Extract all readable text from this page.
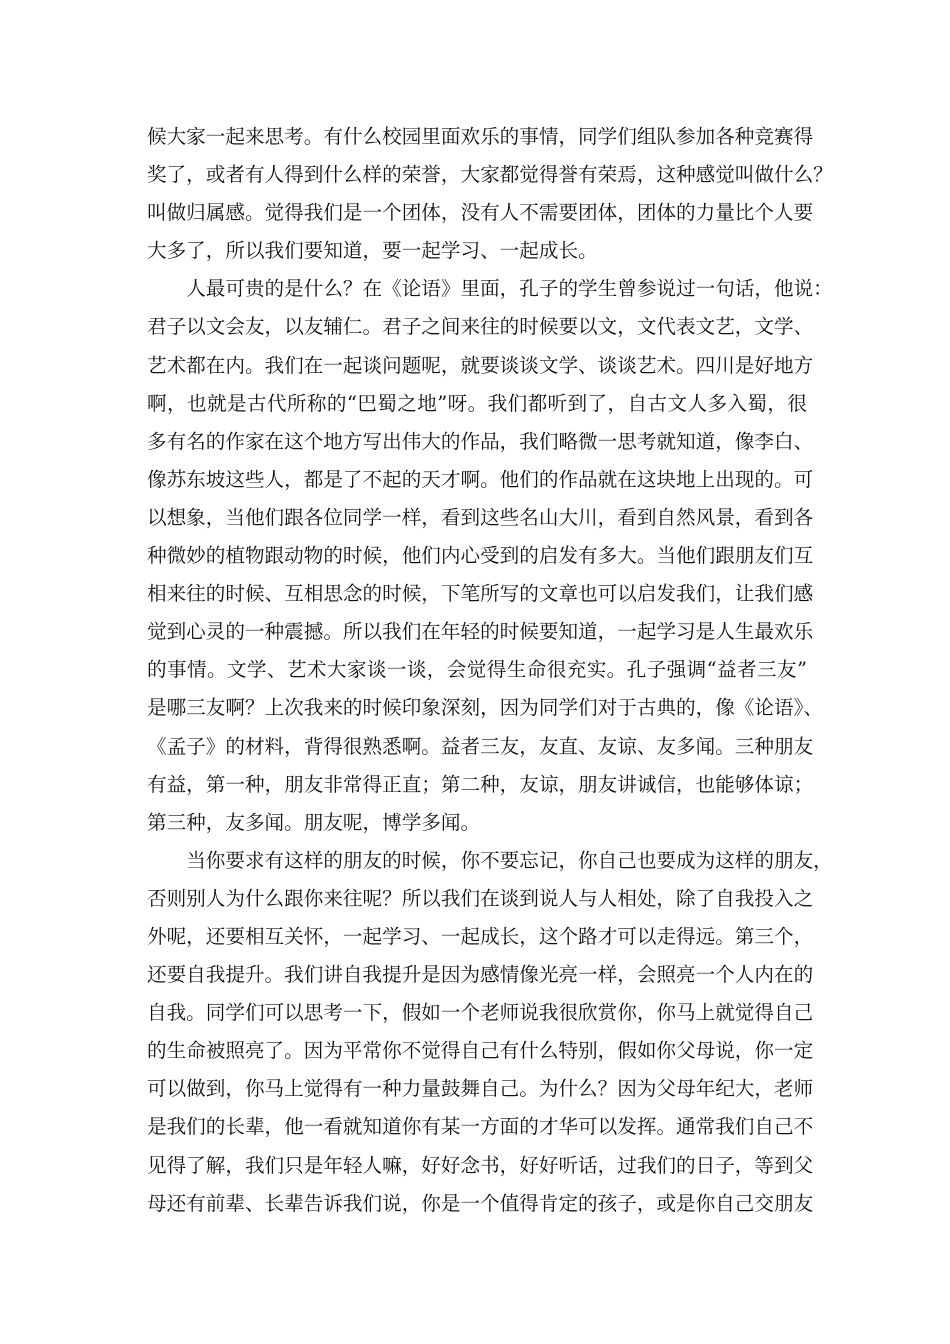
候大家一起来思考。有什么校园里面欢乐的事情，同学们组队参加各种竞赛得
奖了，或者有人得到什么样的荣誉，大家都觉得誉有荣焉，这种感觉叫做什么？
叫做归属感。觉得我们是一个团体，没有人不需要团体，团体的力量比个人要
大多了，所以我们要知道，要一起学习、一起成长。
人最可贵的是什么？在《论语》里面，孔子的学生曾参说过一句话，他说：
君子以文会友，以友辅仁。君子之间来往的时候要以文，文代表文艺，文学、
艺术都在内。我们在一起谈问题呢，就要谈谈文学、谈谈艺术。四川是好地方
啊，也就是古代所称的“巴蜀之地”呀。我们都听到了，自古文人多入蜀，很
多有名的作家在这个地方写出伟大的作品，我们略微一思考就知道，像李白、
像苏东坡这些人，都是了不起的天才啊。他们的作品就在这块地上出现的。可
以想象，当他们跟各位同学一样，看到这些名山大川，看到自然风景，看到各
种微妙的植物跟动物的时候，他们内心受到的启发有多大。当他们跟朋友们互
相来往的时候、互相思念的时候，下笔所写的文章也可以启发我们，让我们感
觉到心灵的一种震撼。所以我们在年轻的时候要知道，一起学习是人生最欢乐
的事情。文学、艺术大家谈一谈，会觉得生命很充实。孔子强调“益者三友”
是哪三友啊？上次我来的时候印象深刻，因为同学们对于古典的，像《论语》、
《孟子》的材料，背得很熟悉啊。益者三友，友直、友谅、友多闻。三种朋友
有益，第一种，朋友非常得正直；第二种，友谅，朋友讲诚信，也能够体谅；
第三种，友多闻。朋友呢，博学多闻。
当你要求有这样的朋友的时候，你不要忘记，你自己也要成为这样的朋友，
否则别人为什么跟你来往呢？所以我们在谈到说人与人相处，除了自我投入之
外呢，还要相互关怀，一起学习、一起成长，这个路才可以走得远。第三个，
还要自我提升。我们讲自我提升是因为感情像光亮一样，会照亮一个人内在的
自我。同学们可以思考一下，假如一个老师说我很欣赏你，你马上就觉得自己
的生命被照亮了。因为平常你不觉得自己有什么特别，假如你父母说，你一定
可以做到，你马上觉得有一种力量鼓舞自己。为什么？因为父母年纪大，老师
是我们的长辈，他一看就知道你有某一方面的才华可以发挥。通常我们自己不
见得了解，我们只是年轻人嘛，好好念书，好好听话，过我们的日子，等到父
母还有前辈、长辈告诉我们说，你是一个值得肯定的孩子，或是你自己交朋友
